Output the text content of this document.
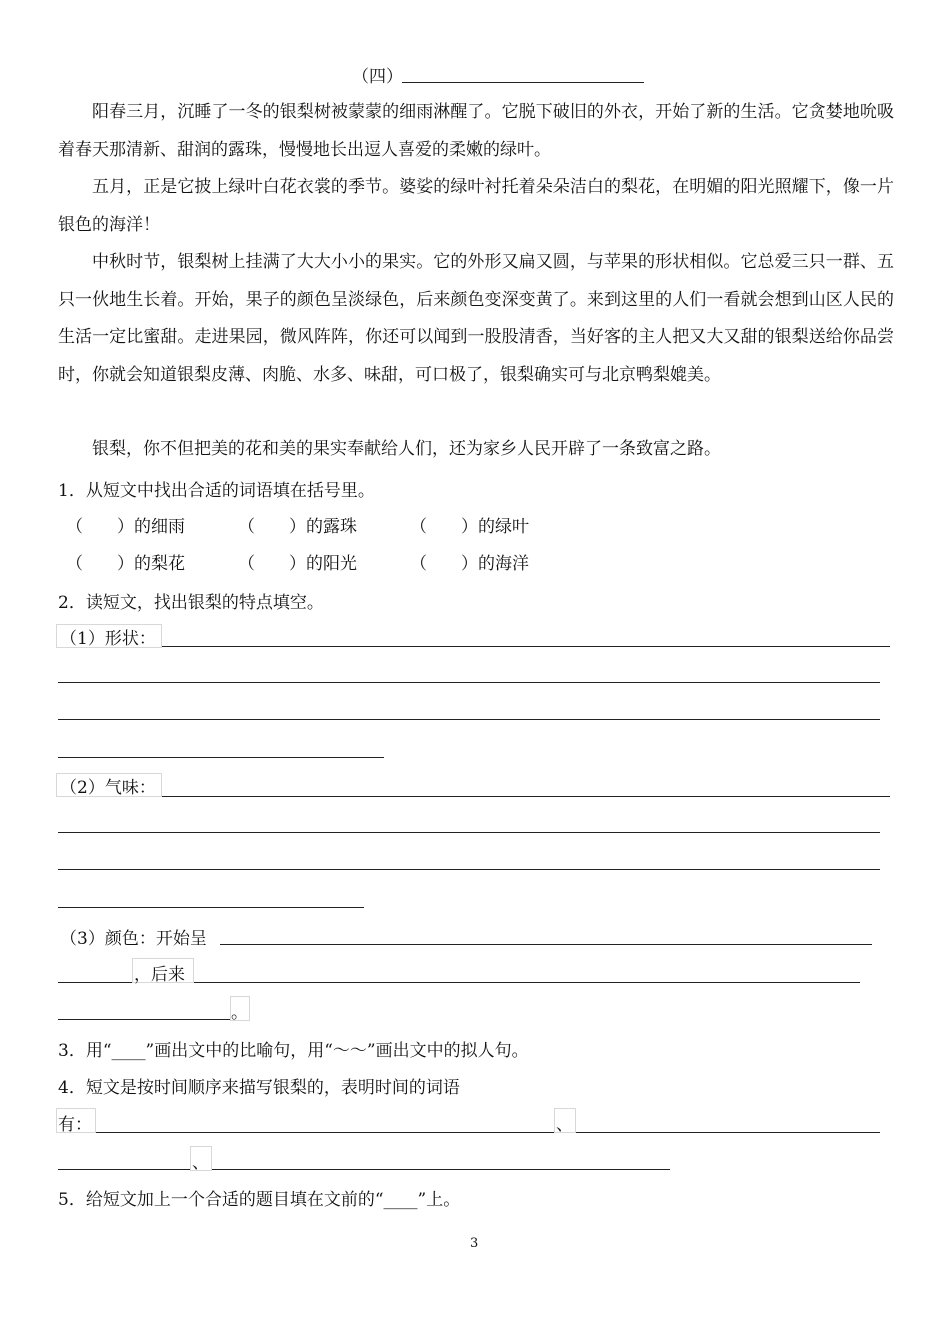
（四）
阳春三月，沉睡了一冬的银梨树被蒙蒙的细雨淋醒了。它脱下破旧的外衣，开始了新的生活。它贪婪地吮吸着春天那清新、甜润的露珠，慢慢地长出逗人喜爱的柔嫩的绿叶。
五月，正是它披上绿叶白花衣裳的季节。婆娑的绿叶衬托着朵朵洁白的梨花，在明媚的阳光照耀下，像一片银色的海洋！
中秋时节，银梨树上挂满了大大小小的果实。它的外形又扁又圆，与苹果的形状相似。它总爱三只一群、五只一伙地生长着。开始，果子的颜色呈淡绿色，后来颜色变深变黄了。来到这里的人们一看就会想到山区人民的生活一定比蜜甜。走进果园，微风阵阵，你还可以闻到一股股清香，当好客的主人把又大又甜的银梨送给你品尝时，你就会知道银梨皮薄、肉脆、水多、味甜，可口极了，银梨确实可与北京鸭梨媲美。
银梨，你不但把美的花和美的果实奉献给人们，还为家乡人民开辟了一条致富之路。
1．从短文中找出合适的词语填在括号里。
（　　）的细雨	（　　）的露珠	（　　）的绿叶
（　　）的梨花	（　　）的阳光	（　　）的海洋
2．读短文，找出银梨的特点填空。
（1）形状：
（2）气味：
（3）颜色：开始呈
，后来
。
3．用“____”画出文中的比喻句，用“～～”画出文中的拟人句。
4．短文是按时间顺序来描写银梨的，表明时间的词语
有：	、
、
5．给短文加上一个合适的题目填在文前的“____”上。
3
